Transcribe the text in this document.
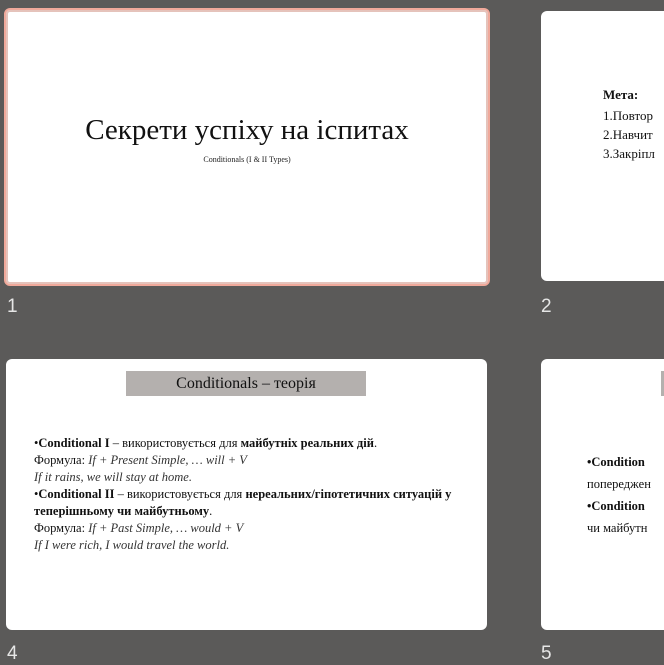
Секрети успіху на іспитах
Conditionals (I & II Types)
1
Мета:
1.Повтор
2.Навчит
3.Закріпл
2
Conditionals – теорія
•Conditional I – використовується для майбутніх реальних дій.
Формула: If + Present Simple, … will + V
If it rains, we will stay at home.
•Conditional II – використовується для нереальних/гіпотетичних ситуацій у теперішньому чи майбутньому.
Формула: If + Past Simple, … would + V
If I were rich, I would travel the world.
4
•Condition
попереджен
•Condition
чи майбутн
5
